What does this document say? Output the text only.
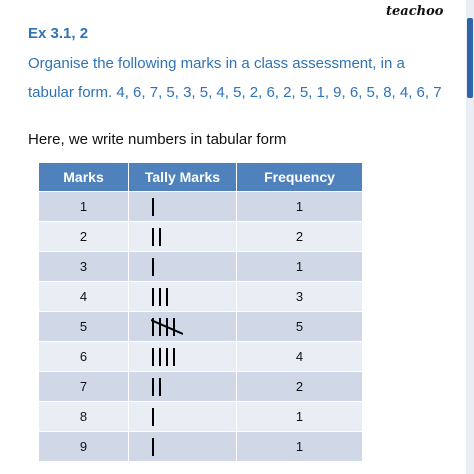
teachoo
Ex 3.1, 2
Organise the following marks in a class assessment, in a tabular form. 4, 6, 7, 5, 3, 5, 4, 5, 2, 6, 2, 5, 1, 9, 6, 5, 8, 4, 6, 7
Here, we write numbers in tabular form
Marks	Tally Marks	Frequency
1		1
2		2
3		1
4		3
5		5
6		4
7		2
8		1
9		1
